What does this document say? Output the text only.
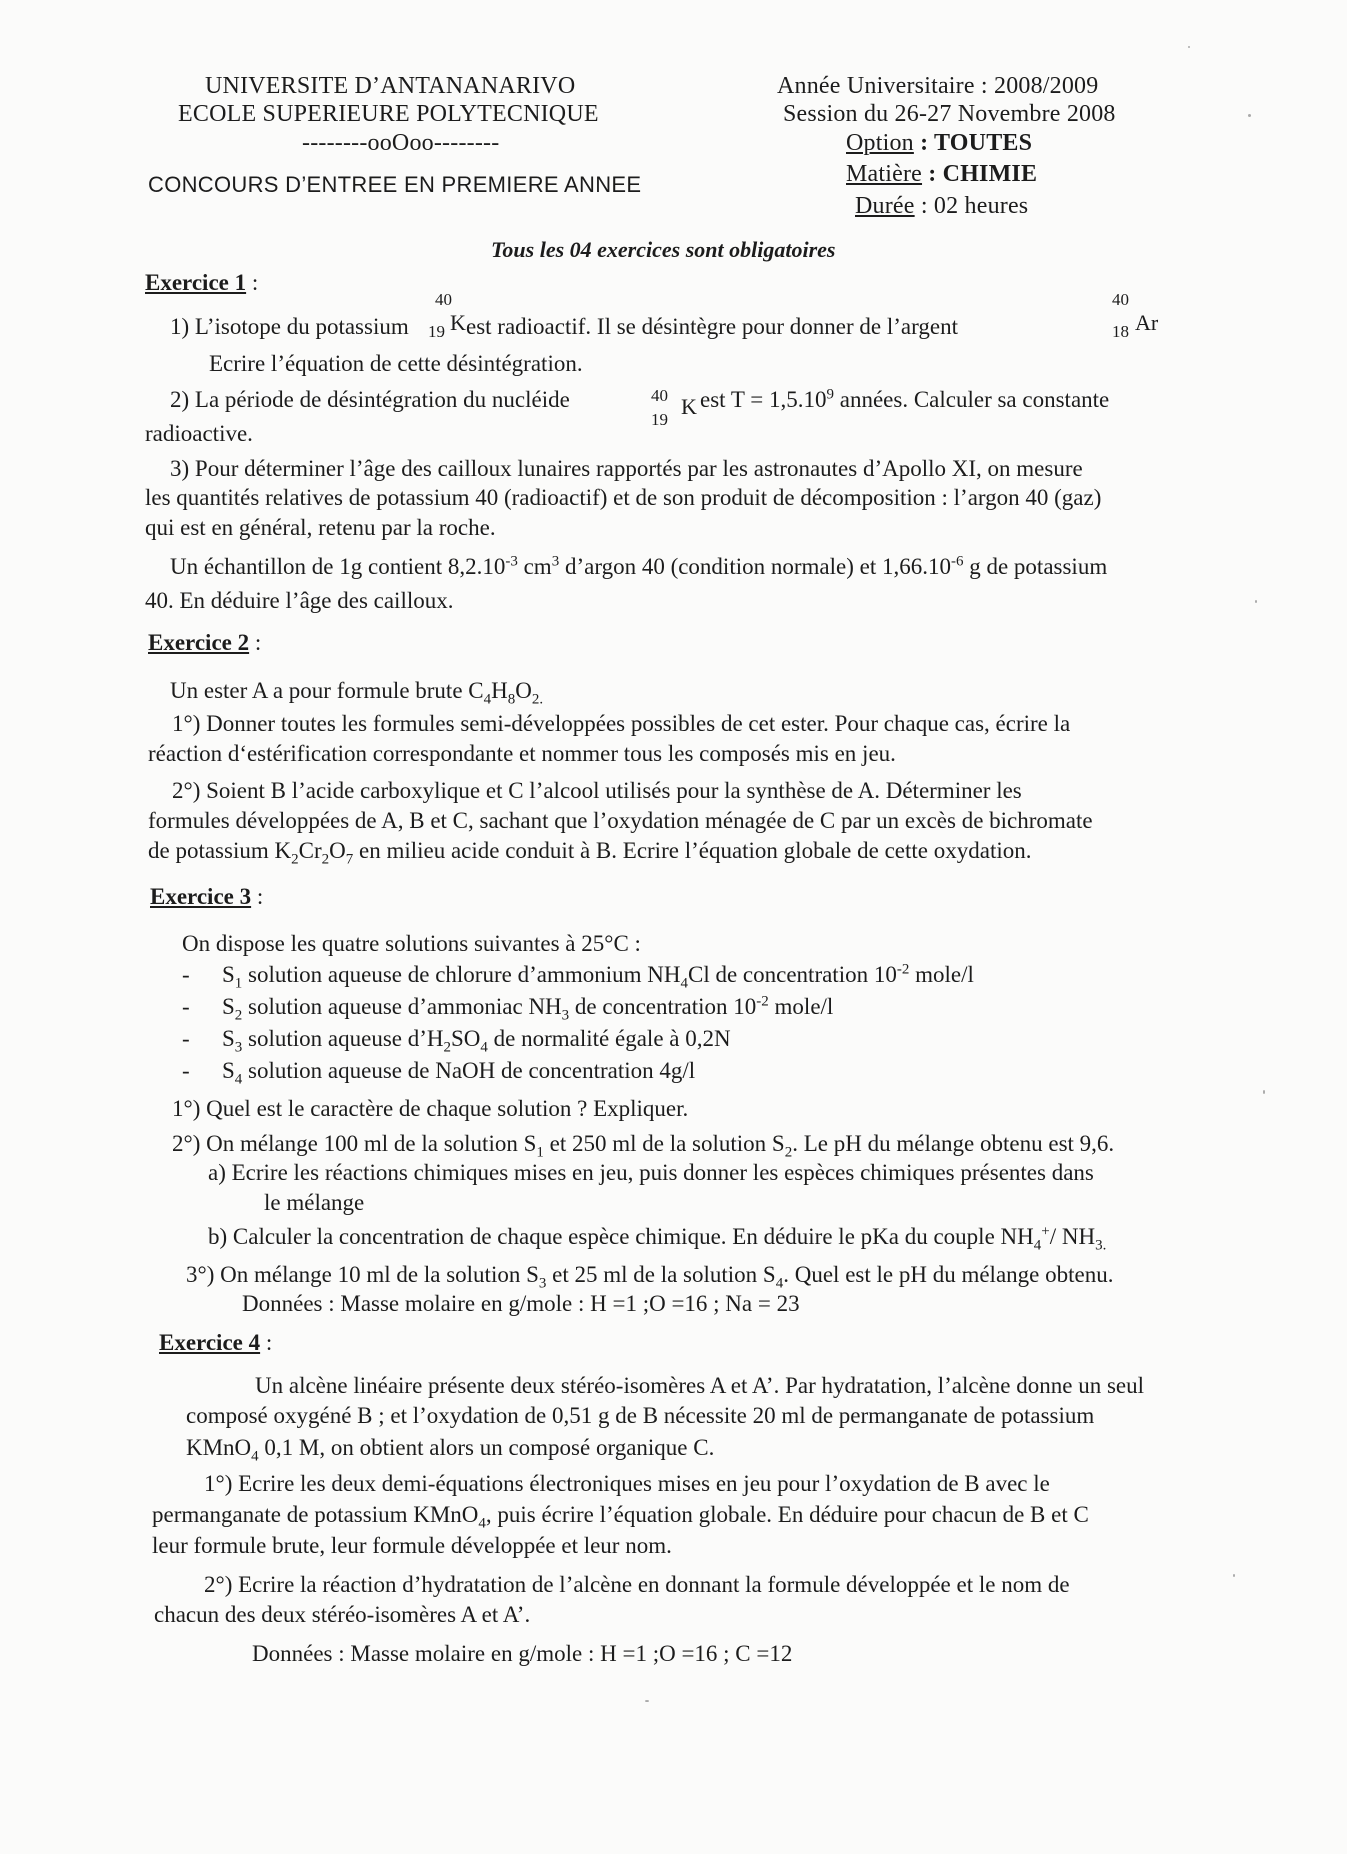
UNIVERSITE D’ANTANANARIVO
ECOLE SUPERIEURE POLYTECNIQUE
--------ooOoo--------
CONCOURS D’ENTREE EN PREMIERE ANNEE
Année Universitaire : 2008/2009
Session du 26-27 Novembre 2008
Option : TOUTES
Matière : CHIMIE
Durée : 02 heures
Tous les 04 exercices sont obligatoires
Exercice 1 :
1) L’isotope du potassium
40
19 K est radioactif. Il se désintègre pour donner de l’argent
40
18 Ar
Ecrire l’équation de cette désintégration.
2) La période de désintégration du nucléide	40
19
K est $T = 1,5.10^9$ années. Calculer sa constante
radioactive.
3) Pour déterminer l’âge des cailloux lunaires rapportés par les astronautes d’Apollo XI, on mesure
les quantités relatives de potassium 40 (radioactif) et de son produit de décomposition : l’argon 40 (gaz)
qui est en général, retenu par la roche.
Un échantillon de 1g contient $8,2.10^{-3}$ $cm^3$ d’argon 40 (condition normale) et $1,66.10^{-6}$ g de potassium
40. En déduire l’âge des cailloux.
Exercice 2 :
Un ester A a pour formule brute $C_4H_8O_{2.}$
1°) Donner toutes les formules semi-développées possibles de cet ester. Pour chaque cas, écrire la
réaction d‘estérification correspondante et nommer tous les composés mis en jeu.
2°) Soient B l’acide carboxylique et C l’alcool utilisés pour la synthèse de A. Déterminer les
formules développées de A, B et C, sachant que l’oxydation ménagée de C par un excès de bichromate
de potassium $K_2Cr_2O_7$ en milieu acide conduit à B. Ecrire l’équation globale de cette oxydation.
Exercice 3 :
On dispose les quatre solutions suivantes à 25°C :
- $S_1$ solution aqueuse de chlorure d’ammonium $NH_4Cl$ de concentration $10^{-2}$ mole/l
- $S_2$ solution aqueuse d’ammoniac $NH_3$ de concentration $10^{-2}$ mole/l
- $S_3$ solution aqueuse $d’H_2SO_4$ de normalité égale à 0,2N
- $S_4$ solution aqueuse de NaOH de concentration 4g/l
1°) Quel est le caractère de chaque solution ? Expliquer.
2°) On mélange 100 ml de la solution $S_1$ et 250 ml de la solution $S_2$. Le pH du mélange obtenu est 9,6.
a) Ecrire les réactions chimiques mises en jeu, puis donner les espèces chimiques présentes dans
le mélange
b) Calculer la concentration de chaque espèce chimique. En déduire le pKa du couple $NH_4^+/$ $NH_{3.}$
3°) On mélange 10 ml de la solution $S_3$ et 25 ml de la solution $S_4$. Quel est le pH du mélange obtenu.
Données : Masse molaire en g/mole : H =1 ;O =16 ; Na = 23
Exercice 4 :
Un alcène linéaire présente deux stéréo-isomères A et A’. Par hydratation, l’alcène donne un seul
composé oxygéné B ; et l’oxydation de 0,51 g de B nécessite 20 ml de permanganate de potassium
KMnO$_4$ 0,1 M, on obtient alors un composé organique C.
1°) Ecrire les deux demi-équations électroniques mises en jeu pour l’oxydation de B avec le
permanganate de potassium KMnO$_4$, puis écrire l’équation globale. En déduire pour chacun de B et C
leur formule brute, leur formule développée et leur nom.
2°) Ecrire la réaction d’hydratation de l’alcène en donnant la formule développée et le nom de
chacun des deux stéréo-isomères A et A’.
Données : Masse molaire en g/mole : H =1 ;O =16 ; C =12
